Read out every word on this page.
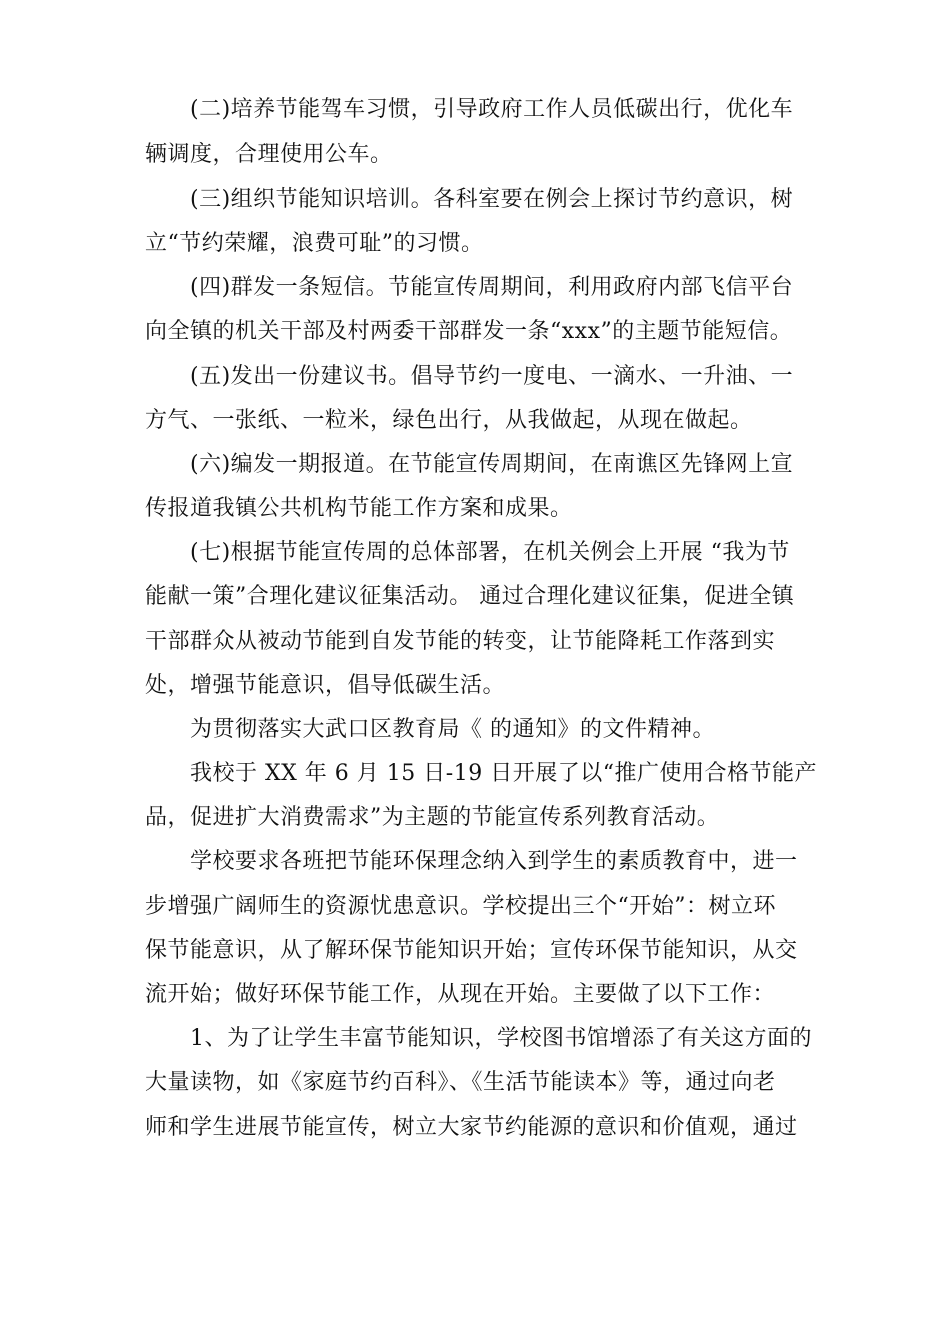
(二)培养节能驾车习惯，引导政府工作人员低碳出行，优化车
辆调度，合理使用公车。
(三)组织节能知识培训。各科室要在例会上探讨节约意识，树
立“节约荣耀，浪费可耻”的习惯。
(四)群发一条短信。节能宣传周期间，利用政府内部飞信平台
向全镇的机关干部及村两委干部群发一条“xxx”的主题节能短信。
(五)发出一份建议书。倡导节约一度电、一滴水、一升油、一
方气、一张纸、一粒米，绿色出行，从我做起，从现在做起。
(六)编发一期报道。在节能宣传周期间，在南谯区先锋网上宣
传报道我镇公共机构节能工作方案和成果。
(七)根据节能宣传周的总体部署，在机关例会上开展 “我为节
能献一策”合理化建议征集活动。 通过合理化建议征集，促进全镇
干部群众从被动节能到自发节能的转变，让节能降耗工作落到实
处，增强节能意识，倡导低碳生活。
为贯彻落实大武口区教育局《 的通知》的文件精神。
我校于 XX 年 6 月 15 日-19 日开展了以“推广使用合格节能产
品，促进扩大消费需求”为主题的节能宣传系列教育活动。
学校要求各班把节能环保理念纳入到学生的素质教育中，进一
步增强广阔师生的资源忧患意识。学校提出三个“开始”：树立环
保节能意识，从了解环保节能知识开始；宣传环保节能知识，从交
流开始；做好环保节能工作，从现在开始。主要做了以下工作：
1、为了让学生丰富节能知识，学校图书馆增添了有关这方面的
大量读物，如《家庭节约百科》、《生活节能读本》等，通过向老
师和学生进展节能宣传，树立大家节约能源的意识和价值观，通过
